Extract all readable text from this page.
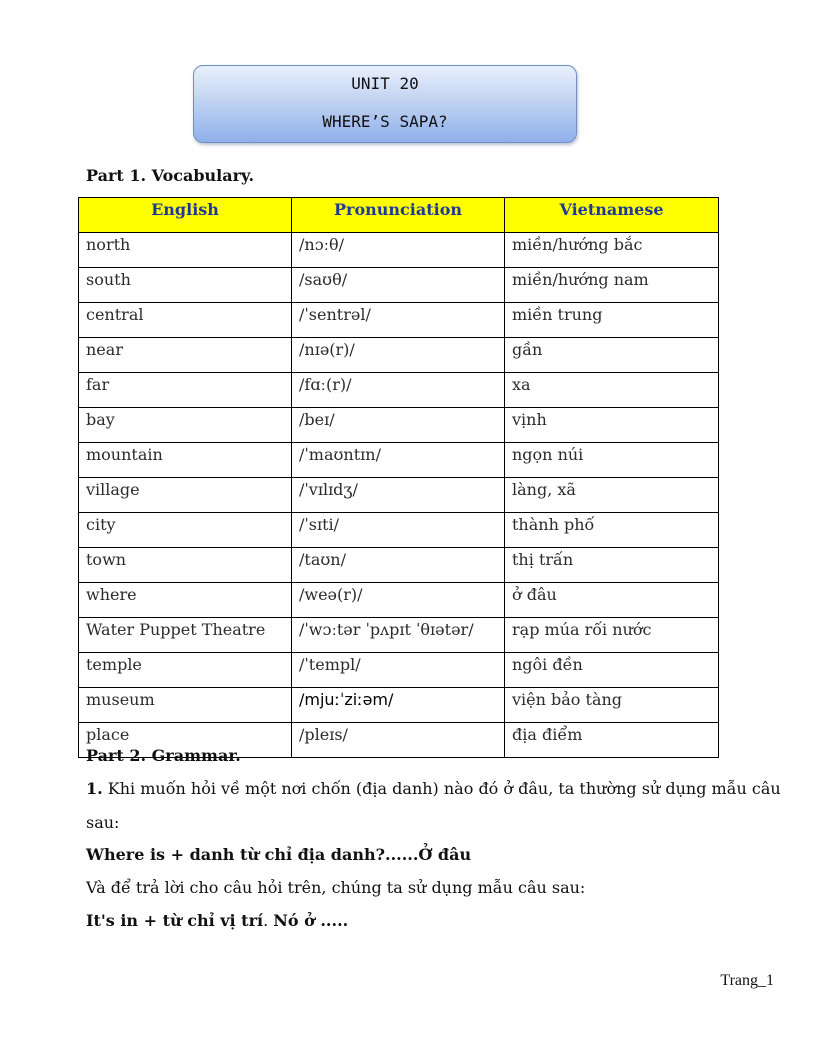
UNIT 20
WHERE’S SAPA?
Part 1. Vocabulary.
English	Pronunciation	Vietnamese
north	/nɔːθ/	miền/hướng bắc
south	/saʊθ/	miền/hướng nam
central	/ˈsentrəl/	miền trung
near	/nɪə(r)/	gần
far	/fɑː(r)/	xa
bay	/beɪ/	vịnh
mountain	/ˈmaʊntɪn/	ngọn núi
village	/ˈvɪlɪdʒ/	làng, xã
city	/ˈsɪti/	thành phố
town	/taʊn/	thị trấn
where	/weə(r)/	ở đâu
Water Puppet Theatre	/ˈwɔːtər ˈpʌpɪt ˈθɪətər/	rạp múa rối nước
temple	/ˈtempl/	ngôi đền
museum	/mjuːˈziːəm/	viện bảo tàng
place	/pleɪs/	địa điểm
Part 2. Grammar.
1. Khi muốn hỏi về một nơi chốn (địa danh) nào đó ở đâu, ta thường sử dụng mẫu câu
sau:
Where is + danh từ chỉ địa danh?......Ở đâu
Và để trả lời cho câu hỏi trên, chúng ta sử dụng mẫu câu sau:
It's in + từ chỉ vị trí. Nó ở .....
Trang_1
